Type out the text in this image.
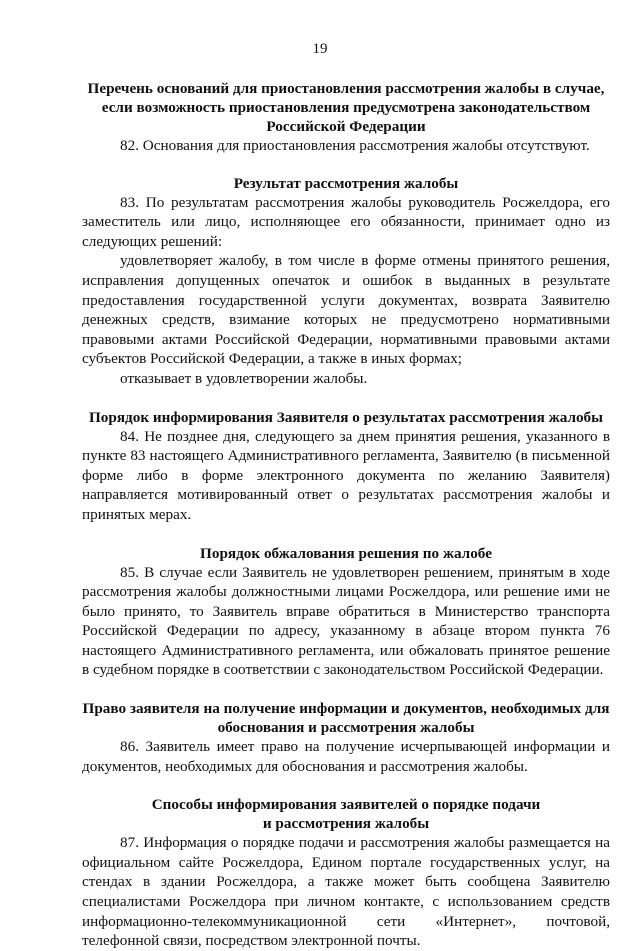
19
Перечень оснований для приостановления рассмотрения жалобы в случае,
если возможность приостановления предусмотрена законодательством
Российской Федерации

82. Основания для приостановления рассмотрения жалобы отсутствуют.

Результат рассмотрения жалобы

83. По результатам рассмотрения жалобы руководитель Росжелдора, его заместитель или лицо, исполняющее его обязанности, принимает одно из следующих решений:

удовлетворяет жалобу, в том числе в форме отмены принятого решения, исправления допущенных опечаток и ошибок в выданных в результате предоставления государственной услуги документах, возврата Заявителю денежных средств, взимание которых не предусмотрено нормативными правовыми актами Российской Федерации, нормативными правовыми актами субъектов Российской Федерации, а также в иных формах;

отказывает в удовлетворении жалобы.

Порядок информирования Заявителя о результатах рассмотрения жалобы

84. Не позднее дня, следующего за днем принятия решения, указанного в пункте 83 настоящего Административного регламента, Заявителю (в письменной форме либо в форме электронного документа по желанию Заявителя) направляется мотивированный ответ о результатах рассмотрения жалобы и принятых мерах.

Порядок обжалования решения по жалобе

85. В случае если Заявитель не удовлетворен решением, принятым в ходе рассмотрения жалобы должностными лицами Росжелдора, или решение ими не было принято, то Заявитель вправе обратиться в Министерство транспорта Российской Федерации по адресу, указанному в абзаце втором пункта 76 настоящего Административного регламента, или обжаловать принятое решение в судебном порядке в соответствии с законодательством Российской Федерации.

Право заявителя на получение информации и документов, необходимых для
обоснования и рассмотрения жалобы

86. Заявитель имеет право на получение исчерпывающей информации и документов, необходимых для обоснования и рассмотрения жалобы.

Способы информирования заявителей о порядке подачи
и рассмотрения жалобы

87. Информация о порядке подачи и рассмотрения жалобы размещается на официальном сайте Росжелдора, Едином портале государственных услуг, на стендах в здании Росжелдора, а также может быть сообщена Заявителю специалистами Росжелдора при личном контакте, с использованием средств информационно-телекоммуникационной сети «Интернет», почтовой, телефонной связи, посредством электронной почты.
